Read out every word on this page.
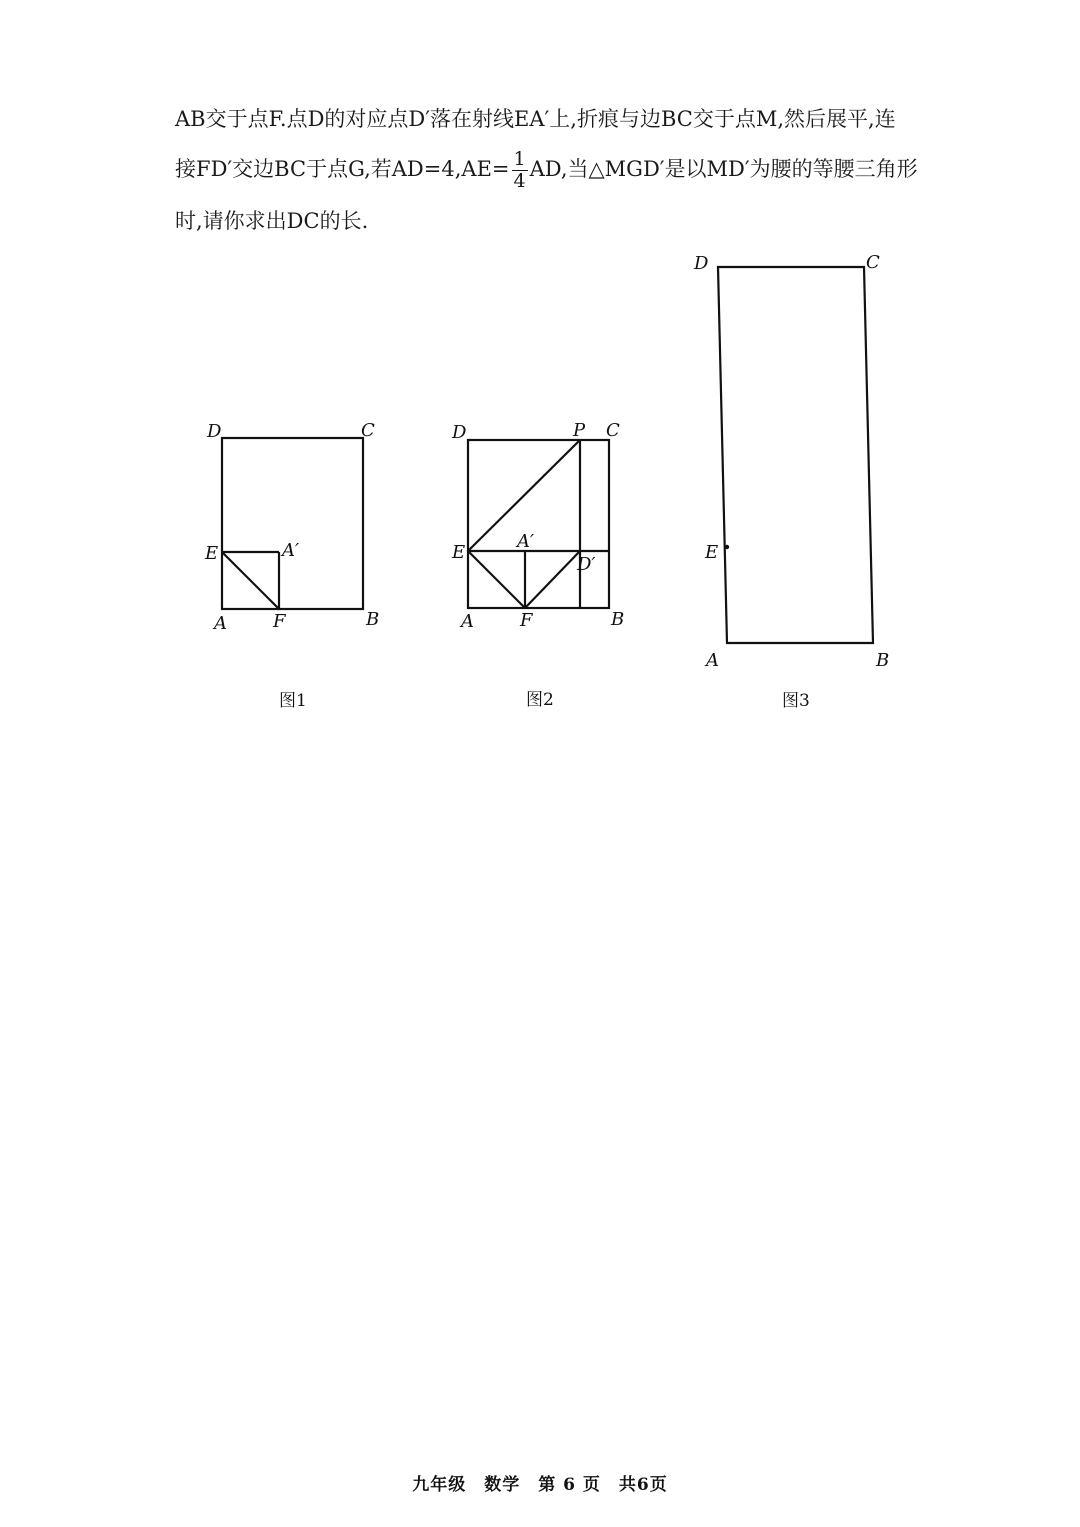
AB交于点F.点D的对应点D′落在射线EA′上,折痕与边BC交于点M,然后展平,连
接FD′交边BC于点G,若$AD=4,AE= \frac{1}{4}$ AD,当△MGD′是以MD′为腰的等腰三角形
时,请你求出DC的长.
D	C
E	A′
A	F	B
图1
D	P C
E
A′
D′
A	F	B
图2
D	C
E
A	B
图3
九年级 数学 第 6 页 共6页
